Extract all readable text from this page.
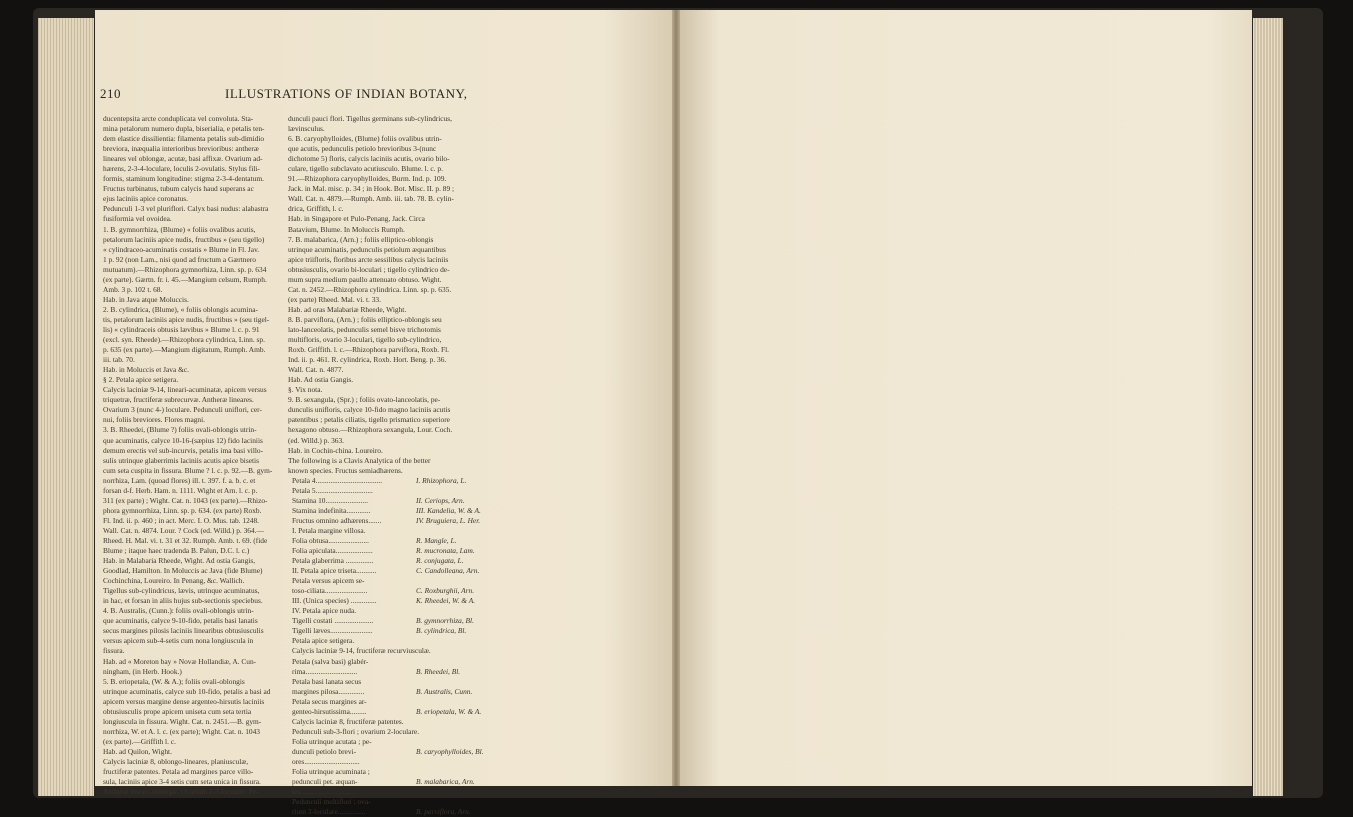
210	ILLUSTRATIONS OF INDIAN BOTANY,

ducentepsita arcte conduplicata vel convoluta. Sta-

mina petalorum numero dupla, biserialia, e petalis ten-

dem elastice dissilientia: filamenta petalis sub-dimidio

breviora, inæqualia interioribus brevioribus: antheræ

lineares vel oblongæ, acutæ, basi affixæ. Ovarium ad-

hærens, 2-3-4-loculare, loculis 2-ovulatis. Stylus fili-

formis, staminum longitudine: stigma 2-3-4-dentatum.

Fructus turbinatus, tubum calycis haud superans ac

ejus laciniis apice coronatus.

Pedunculi 1-3 vel pluriflori. Calyx basi nudus: alabastra

fusiformia vel ovoidea.

1. B. gymnorrhiza, (Blume) « foliis ovalibus acutis,

petalorum laciniis apice nudis, fructibus » (seu tigello)

« cylindraceo-acuminatis costatis » Blume in Fl. Jav.

1 p. 92 (non Lam., nisi quod ad fructum a Gærtnero

mutuatum).—Rhizophora gymnorhiza, Linn. sp. p. 634

(ex parte). Gærtn. fr. i. 45.—Mangium celsum, Rumph.

Amb. 3 p. 102 t. 68.

Hab. in Java atque Moluccis.

2. B. cylindrica, (Blume), « foliis oblongis acumina-

tis, petalorum laciniis apice nudis, fructibus » (seu tigel-

lis) « cylindraceis obtusis lævibus » Blume l. c. p. 91

(excl. syn. Rheede).—Rhizophora cylindrica, Linn. sp.

p. 635 (ex parte).—Mangium digitatum, Rumph. Amb.

iii. tab. 70.

Hab. in Moluccis et Java &c.

§ 2. Petala apice setigera.

Calycis laciniæ 9-14, lineari-acuminatæ, apicem versus

triquetræ, fructiferæ subrecurvæ. Antheræ lineares.

Ovarium 3 (nunc 4-) loculare. Pedunculi uniflori, cer-

nui, foliis breviores. Flores magni.

3. B. Rheedei, (Blume ?) foliis ovali-oblongis utrin-

que acuminatis, calyce 10-16-(sæpius 12) fido laciniis

demum erectis vel sub-incurvis, petalis ima basi villo-

sulis utrinque glaberrimis laciniis acutis apice bisetis

cum seta cuspita in fissura. Blume ? l. c. p. 92.—B. gym-

norrhiza, Lam. (quoad flores) ill. t. 397. f. a. b. c. et

forsan d-f. Herb. Ham. n. 1111. Wight et Arn. l. c. p.

311 (ex parte) ; Wight. Cat. n. 1043 (ex parte).—Rhizo-

phora gymnorrhiza, Linn. sp. p. 634. (ex parte) Roxb.

Fl. Ind. ii. p. 460 ; in act. Merc. I. O. Mus. tab. 1248.

Wall. Cat. n. 4874. Lour. ? Cock (ed. Willd.) p. 364.—

Rheed. H. Mal. vi. t. 31 et 32. Rumph. Amb. t. 69. (fide

Blume ; itaque haec tradenda B. Palun, D.C. l. c.)

Hab. in Malabaria Rheede, Wight. Ad ostia Gangis,

Goodlad, Hamilton. In Moluccis ac Java (fide Blume)

Cochinchina, Loureiro. In Penang, &c. Wallich.

Tigellus sub-cylindricus, lævis, utrinque acuminatus,

in hac, et forsan in aliis hujus sub-sectionis speciebus.

4. B. Australis, (Cunn.): foliis ovali-oblongis utrin-

que acuminatis, calyce 9-10-fido, petalis basi lanatis

secus margines pilosis laciniis linearibus obtusiusculis

versus apicem sub-4-setis cum nona longiuscula in

fissura.

Hab. ad « Moreton bay » Novæ Hollandiæ, A. Cun-

ningham, (in Herb. Hook.)

5. B. eriopetala, (W. & A.); foliis ovali-oblongis

utrinque acuminatis, calyce sub 10-fido, petalis a basi ad

apicem versus margine dense argenteo-hirsutis laciniis

obtusiusculis prope apicem uniseta cum seta tertia

longiuscula in fissura. Wight. Cat. n. 2451.—B. gym-

norrhiza, W. et A. l. c. (ex parte); Wight. Cat. n. 1043

(ex parte).—Griffith l. c.

Hab. ad Quilon, Wight.

Calycis laciniæ 8, oblongo-lineares, planiusculæ,

fructiferæ patentes. Petala ad margines parce villo-

sula, laciniis apice 3-4 setis cum seta unica in fissura.

Antheræ lineari-oblongæ. Ovarium 2-3-loculare. Pe-

dunculi pauci flori. Tigellus germinans sub-cylindricus,

lævinsculus.

6. B. caryophylloides, (Blume) foliis ovalibus utrin-

que acutis, pedunculis petiolo brevioribus 3-(nunc

dichotome 5) floris, calycis laciniis acutis, ovario bilo-

culare, tigello subclavato acutiusculo. Blume. l. c. p.

91.—Rhizophora caryophylloides, Burm. Ind. p. 109.

Jack. in Mal. misc. p. 34 ; in Hook. Bot. Misc. II. p. 89 ;

Wall. Cat. n. 4879.—Rumph. Amb. iii. tab. 78. B. cylin-

drica, Griffith, l. c.

Hab. in Singapore et Pulo-Penang, Jack. Circa

Batavium, Blume. In Moluccis Rumph.

7. B. malabarica, (Arn.) ; foliis elliptico-oblongis

utrinque acuminatis, pedunculis petiolum æquantibus

apice triifloris, floribus arcte sessilibus calycis laciniis

obtusiusculis, ovario bi-loculari ; tigello cylindrico de-

mum supra medium paullo attenuato obtuso. Wight.

Cat. n. 2452.—Rhizophora cylindrica. Linn. sp. p. 635.

(ex parte) Rheed. Mal. vi. t. 33.

Hab. ad oras Malabariæ Rheede, Wight.

8. B. parviflora, (Arn.) ; foliis elliptico-oblongis seu

lato-lanceolatis, pedunculis semel bisve trichotomis

multifloris, ovario 3-loculari, tigello sub-cylindrico,

Roxb. Griffith. l. c.—Rhizophora parviflora, Roxb. Fl.

Ind. ii. p. 461. R. cylindrica, Roxb. Hort. Beng. p. 36.

Wall. Cat. n. 4877.

Hab. Ad ostia Gangis.

§. Vix nota.

9. B. sexangula, (Spr.) ; foliis ovato-lanceolatis, pe-

dunculis unifloris, calyce 10-fido magno laciniis acutis

patentibus ; petalis ciliatis, tigello prismatico superiore

hexagono obtuso.—Rhizophora sexangula, Lour. Coch.

(ed. Willd.) p. 363.

Hab. in Cochin-china. Loureiro.

The following is a Clavis Analytica of the better

known species. Fructus semiadhærens.

Petala 4....................................	I. Rhizophora, L.
Petala 5...............................
Stamina 10.......................	II. Ceriops, Arn.
Stamina indefinita.............	III. Kandelia, W. & A.
Fructus omnino adhærens.......	IV. Bruguiera, L. Her.
I. Petala margine villosa.
Folia obtusa......................	R. Mangle, L.
Folia apiculata....................	R. mucronata, Lam.
Petala glaberrima ...............	R. conjugata, L.
II. Petala apice triseta...........	C. Candolleana, Arn.
Petala versus apicem se-
toso-ciliata.......................	C. Roxburghii, Arn.
III. (Unica species) ..............	K. Rheedei, W. & A.
IV. Petala apice nuda.
Tigelli costati .....................	B. gymnorrhiza, Bl.
Tigelli læves.......................	B. cylindrica, Bl.
Petala apice setigera.
Calycis laciniæ 9-14, fructiferæ recurviusculæ.
Petala (salva basi) glabér-
rima............................	B. Rheedei, Bl.
Petala basi lanata secus
margines pilosa..............	B. Australis, Cunn.
Petala secus margines ar-
genteo-hirsutissima.........	B. eriopetala, W. & A.
Calycis laciniæ 8, fructiferæ patentes.
Pedunculi sub-3-flori ; ovarium 2-loculare.
Folia utrinque acutata ; pe-
dunculi petiolo brevi-	B. caryophylloides, Bl.
ores..............................
Folia utrinque acuminata ;
pedunculi pet. æquan-	B. malabarica, Arn.
tes...............................
Pedunculi multiflori ; ova-
rium 3-loculare...............	B. parviflora, Arn.
